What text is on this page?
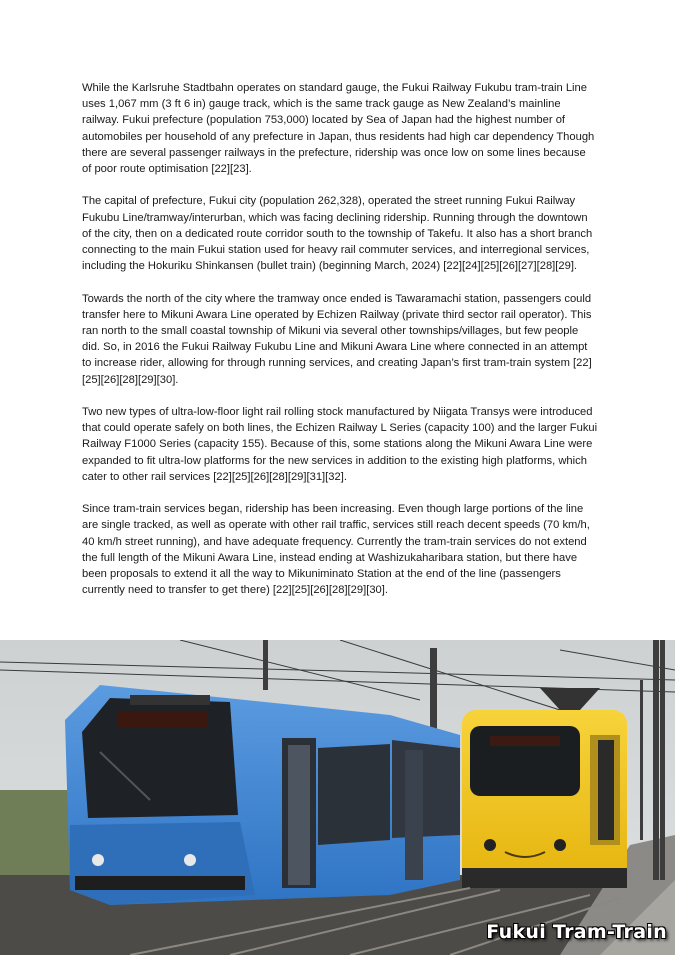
While the Karlsruhe Stadtbahn operates on standard gauge, the Fukui Railway Fukubu tram-train Line uses 1,067 mm (3 ft 6 in) gauge track, which is the same track gauge as New Zealand’s mainline railway. Fukui prefecture (population 753,000) located by Sea of Japan had the highest number of automobiles per household of any prefecture in Japan, thus residents had high car dependency Though there are several passenger railways in the prefecture, ridership was once low on some lines because of poor route optimisation [22][23].

The capital of prefecture, Fukui city (population 262,328), operated the street running Fukui Railway Fukubu Line/tramway/interurban, which was facing declining ridership. Running through the downtown of the city, then on a dedicated route corridor south to the township of Takefu. It also has a short branch connecting to the main Fukui station used for heavy rail commuter services, and interregional services, including the Hokuriku Shinkansen (bullet train) (beginning March, 2024) [22][24][25][26][27][28][29].

Towards the north of the city where the tramway once ended is Tawaramachi station, passengers could transfer here to Mikuni Awara Line operated by Echizen Railway (private third sector rail operator). This ran north to the small coastal township of Mikuni via several other townships/villages, but few people did. So, in 2016 the Fukui Railway Fukubu Line and Mikuni Awara Line where connected in an attempt to increase rider, allowing for through running services, and creating Japan’s first tram-train system [22][25][26][28][29][30].

Two new types of ultra-low-floor light rail rolling stock manufactured by Niigata Transys were introduced that could operate safely on both lines, the Echizen Railway L Series (capacity 100) and the larger Fukui Railway F1000 Series (capacity 155). Because of this, some stations along the Mikuni Awara Line were expanded to fit ultra-low platforms for the new services in addition to the existing high platforms, which cater to other rail services [22][25][26][28][29][31][32].

Since tram-train services began, ridership has been increasing. Even though large portions of the line are single tracked, as well as operate with other rail traffic, services still reach decent speeds (70 km/h, 40 km/h street running), and have adequate frequency. Currently the tram-train services do not extend the full length of the Mikuni Awara Line, instead ending at Washizukaharibara station, but there have been proposals to extend it all the way to Mikuniminato Station at the end of the line (passengers currently need to transfer to get there) [22][25][26][28][29][30].

Fukui Tram-Train
